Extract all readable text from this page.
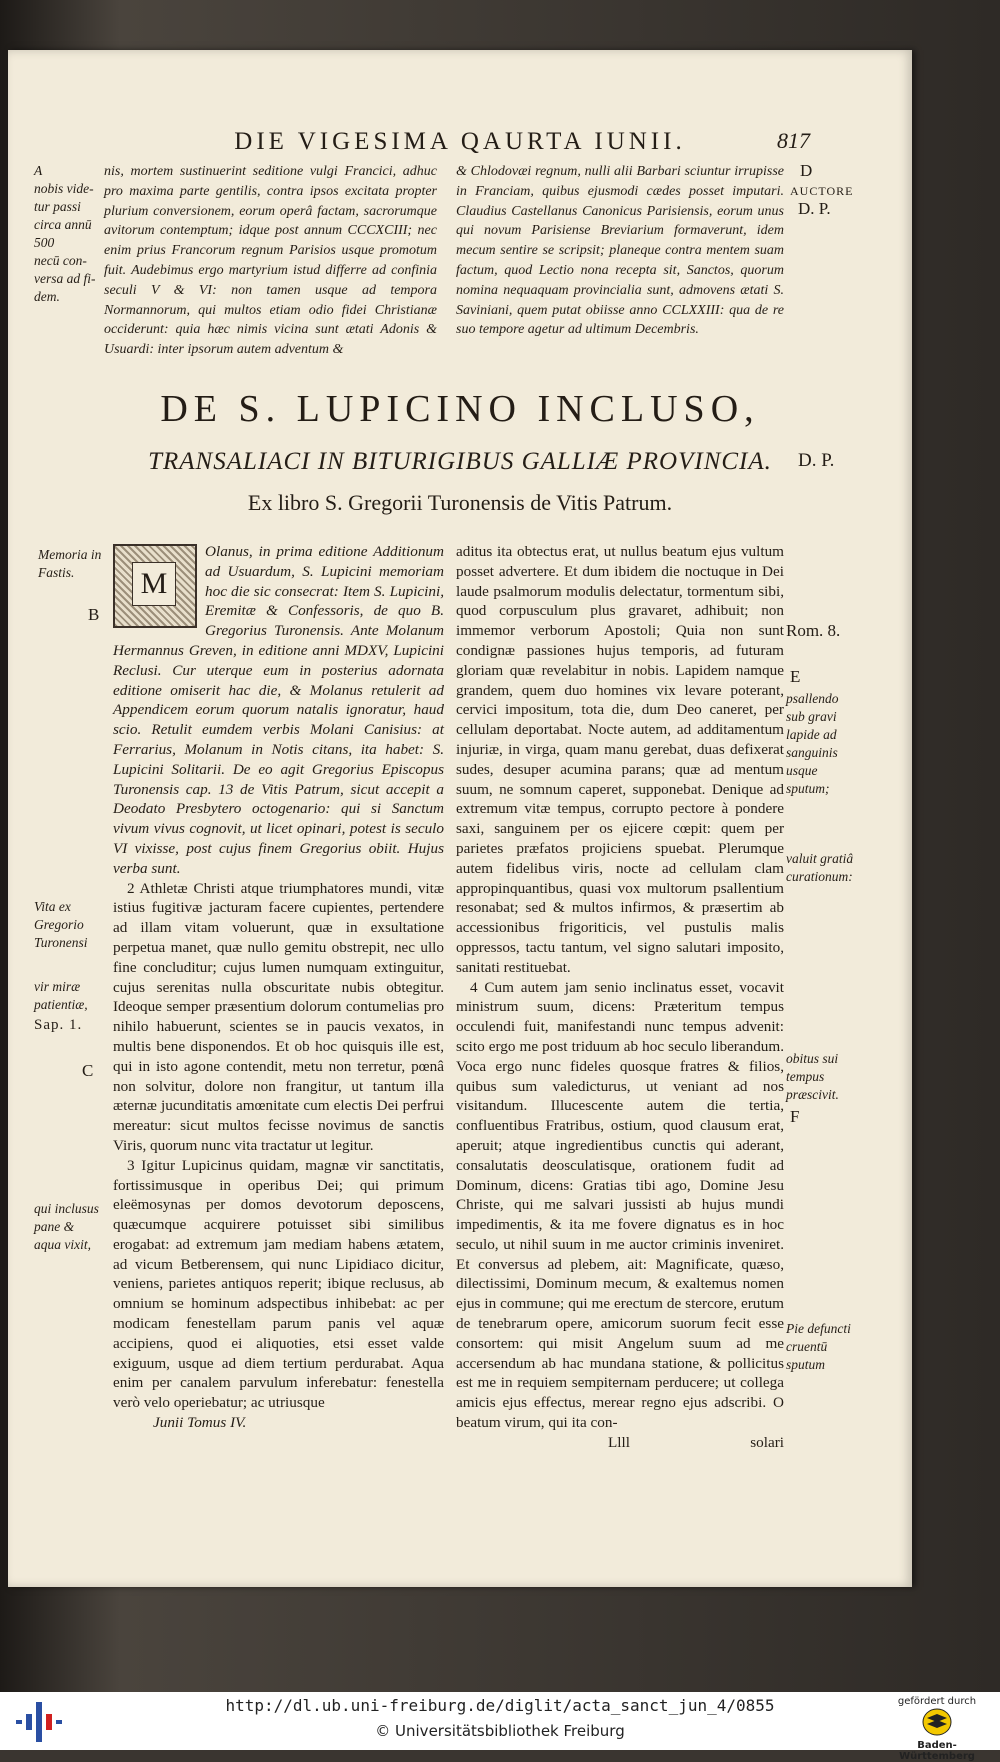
DIE VIGESIMA QAURTA IUNII.	817
A
nobis vide-
tur passi
circa annū
500
necū con-
versa ad fi-
dem.

nis, mortem sustinuerint seditione vulgi Francici, adhuc pro maxima parte gentilis, contra ipsos excitata propter plurium conversionem, eorum operâ factam, sacrorumque avitorum contemptum; idque post annum CCCXCIII; nec enim prius Francorum regnum Parisios usque promotum fuit. Audebimus ergo martyrium istud differre ad confinia seculi V & VI: non tamen usque ad tempora Normannorum, qui multos etiam odio fidei Christianæ occiderunt: quia hæc nimis vicina sunt ætati Adonis & Usuardi: inter ipsorum autem adventum &

& Chlodovæi regnum, nulli alii Barbari sciuntur irrupisse in Franciam, quibus ejusmodi cædes posset imputari. Claudius Castellanus Canonicus Parisiensis, eorum unus qui novum Parisiense Breviarium formaverunt, idem mecum sentire se scripsit; planeque contra mentem suam factum, quod Lectio nona recepta sit, Sanctos, quorum nomina nequaquam provincialia sunt, admovens ætati S. Saviniani, quem putat obiisse anno CCLXXIII: qua de re suo tempore agetur ad ultimum Decembris.

D
AUCTORE
D. P.
DE S. LUPICINO INCLUSO,
TRANSALIACI IN BITURIGIBUS GALLIÆ PROVINCIA.	D. P.
Ex libro S. Gregorii Turonensis de Vitis Patrum.
Memoria in Fastis.
B
Vita ex Gregorio Turonensi
vir miræ patientiæ,
Sap. 1.
C
qui inclusus pane & aqua vixit,
M

Olanus, in prima editione Additionum ad Usuardum, S. Lupicini memoriam hoc die sic consecrat: Item S. Lupicini, Eremitæ & Confessoris, de quo B. Gregorius Turonensis. Ante Molanum Hermannus Greven, in editione anni MDXV, Lupicini Reclusi. Cur uterque eum in posterius adornata editione omiserit hac die, & Molanus retulerit ad Appendicem eorum quorum natalis ignoratur, haud scio. Retulit eumdem verbis Molani Canisius: at Ferrarius, Molanum in Notis citans, ita habet: S. Lupicini Solitarii. De eo agit Gregorius Episcopus Turonensis cap. 13 de Vitis Patrum, sicut accepit a Deodato Presbytero octogenario: qui si Sanctum vivum vivus cognovit, ut licet opinari, potest is seculo VI vixisse, post cujus finem Gregorius obiit. Hujus verba sunt.

2 Athletæ Christi atque triumphatores mundi, vitæ istius fugitivæ jacturam facere cupientes, pertendere ad illam vitam voluerunt, quæ in exsultatione perpetua manet, quæ nullo gemitu obstrepit, nec ullo fine concluditur; cujus lumen numquam extinguitur, cujus serenitas nulla obscuritate nubis obtegitur. Ideoque semper præsentium dolorum contumelias pro nihilo habuerunt, scientes se in paucis vexatos, in multis bene disponendos. Et ob hoc quisquis ille est, qui in isto agone contendit, metu non terretur, pœnâ non solvitur, dolore non frangitur, ut tantum illa æternæ jucunditatis amœnitate cum electis Dei perfrui mereatur: sicut multos fecisse novimus de sanctis Viris, quorum nunc vita tractatur ut legitur.

3 Igitur Lupicinus quidam, magnæ vir sanctitatis, fortissimusque in operibus Dei; qui primum eleëmosynas per domos devotorum deposcens, quæcumque acquirere potuisset sibi similibus erogabat: ad extremum jam mediam habens ætatem, ad vicum Betberensem, qui nunc Lipidiaco dicitur, veniens, parietes antiquos reperit; ibique reclusus, ab omnium se hominum adspectibus inhibebat: ac per modicam fenestellam parum panis vel aquæ accipiens, quod ei aliquoties, etsi esset valde exiguum, usque ad diem tertium perdurabat. Aqua enim per canalem parvulum inferebatur: fenestella verò velo operiebatur; ac utriusque

Junii Tomus IV.

aditus ita obtectus erat, ut nullus beatum ejus vultum posset advertere. Et dum ibidem die noctuque in Dei laude psalmorum modulis delectatur, tormentum sibi, quod corpusculum plus gravaret, adhibuit; non immemor verborum Apostoli; Quia non sunt condignæ passiones hujus temporis, ad futuram gloriam quæ revelabitur in nobis. Lapidem namque grandem, quem duo homines vix levare poterant, cervici impositum, tota die, dum Deo caneret, per cellulam deportabat. Nocte autem, ad additamentum injuriæ, in virga, quam manu gerebat, duas defixerat sudes, desuper acumina parans; quæ ad mentum suum, ne somnum caperet, supponebat. Denique ad extremum vitæ tempus, corrupto pectore à pondere saxi, sanguinem per os ejicere cœpit: quem per parietes præfatos projiciens spuebat. Plerumque autem fidelibus viris, nocte ad cellulam clam appropinquantibus, quasi vox multorum psallentium resonabat; sed & multos infirmos, & præsertim ab accessionibus frigoriticis, vel pustulis malis oppressos, tactu tantum, vel signo salutari imposito, sanitati restituebat.

4 Cum autem jam senio inclinatus esset, vocavit ministrum suum, dicens: Præteritum tempus occulendi fuit, manifestandi nunc tempus advenit: scito ergo me post triduum ab hoc seculo liberandum. Voca ergo nunc fideles quosque fratres & filios, quibus sum valedicturus, ut veniant ad nos visitandum. Illucescente autem die tertia, confluentibus Fratribus, ostium, quod clausum erat, aperuit; atque ingredientibus cunctis qui aderant, consalutatis deosculatisque, orationem fudit ad Dominum, dicens: Gratias tibi ago, Domine Jesu Christe, qui me salvari jussisti ab hujus mundi impedimentis, & ita me fovere dignatus es in hoc seculo, ut nihil suum in me auctor criminis inveniret. Et conversus ad plebem, ait: Magnificate, quæso, dilectissimi, Dominum mecum, & exaltemus nomen ejus in commune; qui me erectum de stercore, erutum de tenebrarum opere, amicorum suorum fecit esse consortem: qui misit Angelum suum ad me accersendum ab hac mundana statione, & pollicitus est me in requiem sempiternam perducere; ut collega amicis ejus effectus, merear regno ejus adscribi. O beatum virum, qui ita con-

Llll	solari

Rom. 8.
E
psallendo sub gravi lapide ad sanguinis usque sputum;
valuit gratiâ curationum:
obitus sui tempus præscivit.
F
Pie defuncti cruentū sputum
http://dl.ub.uni-freiburg.de/diglit/acta_sanct_jun_4/0855
© Universitätsbibliothek Freiburg
gefördert durch
Baden-Württemberg
